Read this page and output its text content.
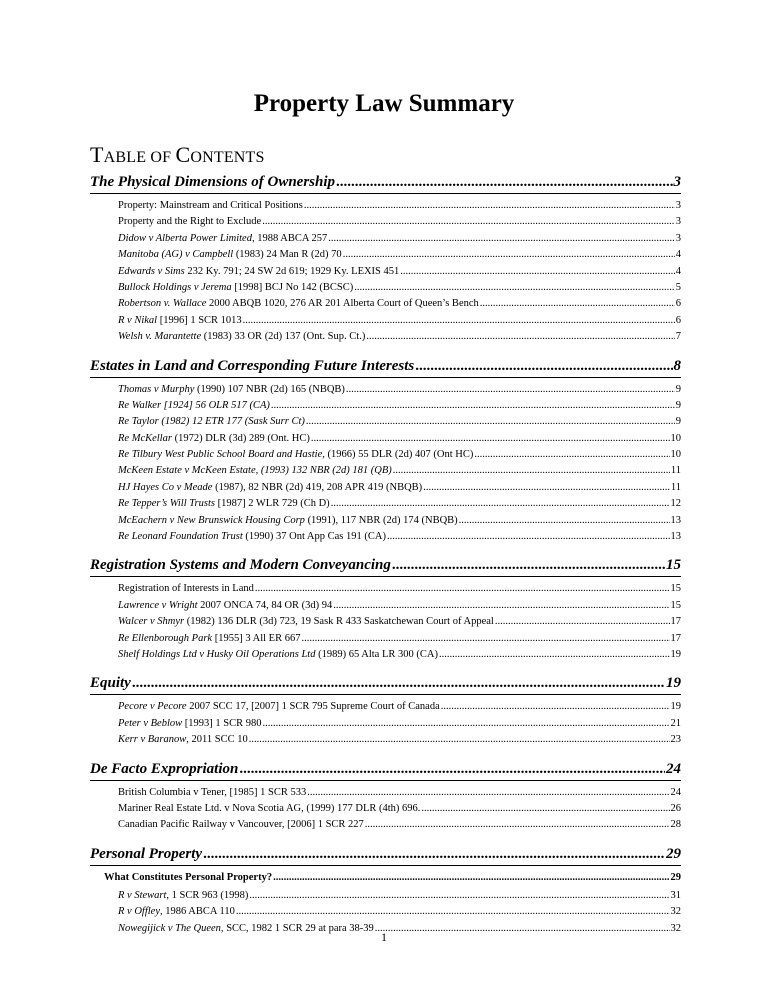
Property Law Summary
TABLE OF CONTENTS
The Physical Dimensions of Ownership .....	3
Property: Mainstream and Critical Positions .....	3
Property and the Right to Exclude .....	3
Didow v Alberta Power Limited, 1988 ABCA 257 .....	3
Manitoba (AG) v Campbell (1983) 24 Man R (2d) 70 .....	4
Edwards v Sims 232 Ky. 791; 24 SW 2d 619; 1929 Ky. LEXIS 451 .....	4
Bullock Holdings v Jerema [1998] BCJ No 142 (BCSC) .....	5
Robertson v. Wallace 2000 ABQB 1020, 276 AR 201 Alberta Court of Queen’s Bench .....	6
R v Nikal [1996] 1 SCR 1013 .....	6
Welsh v. Marantette (1983) 33 OR (2d) 137 (Ont. Sup. Ct.) .....	7
Estates in Land and Corresponding Future Interests .....	8
Thomas v Murphy (1990) 107 NBR (2d) 165 (NBQB) .....	9
Re Walker [1924] 56 OLR 517 (CA) .....	9
Re Taylor (1982) 12 ETR 177 (Sask Surr Ct) .....	9
Re McKellar (1972) DLR (3d) 289 (Ont. HC) .....	10
Re Tilbury West Public School Board and Hastie, (1966) 55 DLR (2d) 407 (Ont HC) .....	10
McKeen Estate v McKeen Estate, (1993) 132 NBR (2d) 181 (QB) .....	11
HJ Hayes Co v Meade (1987), 82 NBR (2d) 419, 208 APR 419 (NBQB) .....	11
Re Tepper’s Will Trusts [1987] 2 WLR 729 (Ch D) .....	12
McEachern v New Brunswick Housing Corp (1991), 117 NBR (2d) 174 (NBQB) .....	13
Re Leonard Foundation Trust (1990) 37 Ont App Cas 191 (CA) .....	13
Registration Systems and Modern Conveyancing .....	15
Registration of Interests in Land .....	15
Lawrence v Wright 2007 ONCA 74, 84 OR (3d) 94 .....	15
Walcer v Shmyr (1982) 136 DLR (3d) 723, 19 Sask R 433 Saskatchewan Court of Appeal .....	17
Re Ellenborough Park [1955] 3 All ER 667 .....	17
Shelf Holdings Ltd v Husky Oil Operations Ltd (1989) 65 Alta LR 300 (CA) .....	19
Equity .....	19
Pecore v Pecore 2007 SCC 17, [2007] 1 SCR 795 Supreme Court of Canada .....	19
Peter v Beblow [1993] 1 SCR 980 .....	21
Kerr v Baranow, 2011 SCC 10 .....	23
De Facto Expropriation .....	24
British Columbia v Tener, [1985] 1 SCR 533 .....	24
Mariner Real Estate Ltd. v Nova Scotia AG, (1999) 177 DLR (4th) 696. .....	26
Canadian Pacific Railway v Vancouver, [2006] 1 SCR 227 .....	28
Personal Property .....	29
What Constitutes Personal Property? .....	29
R v Stewart, 1 SCR 963 (1998) .....	31
R v Offley, 1986 ABCA 110 .....	32
Nowegijick v The Queen, SCC, 1982 1 SCR 29 at para 38-39 .....	32
1
